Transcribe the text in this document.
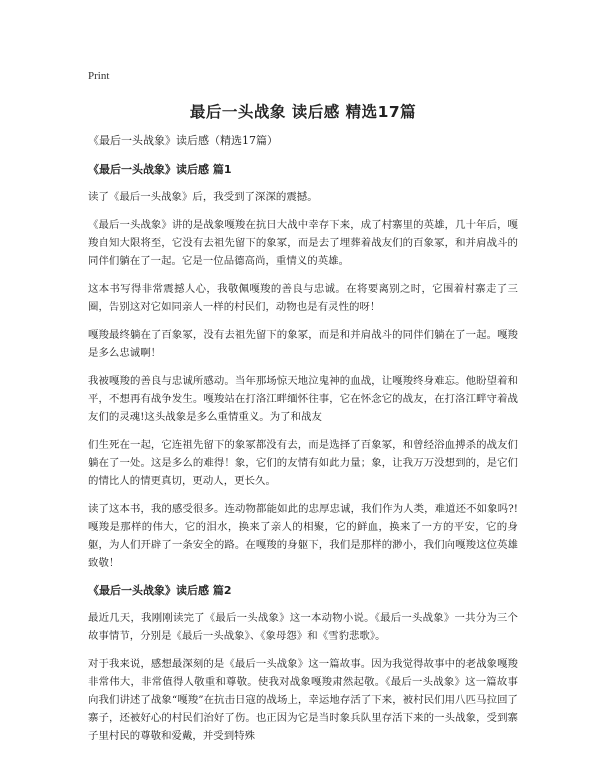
Print
最后一头战象 读后感 精选17篇
《最后一头战象》读后感（精选17篇）
《最后一头战象》读后感 篇1

读了《最后一头战象》后，我受到了深深的震撼。

《最后一头战象》讲的是战象嘎羧在抗日大战中幸存下来，成了村寨里的英雄，几十年后，嘎羧自知大限将至，它没有去祖先留下的象冢，而是去了埋葬着战友们的百象冢，和并肩战斗的同伴们躺在了一起。它是一位品德高尚，重情义的英雄。

这本书写得非常震撼人心，我敬佩嘎羧的善良与忠诚。在将要离别之时，它围着村寨走了三圈，告别这对它如同亲人一样的村民们，动物也是有灵性的呀！

嘎羧最终躺在了百象冢，没有去祖先留下的象冢，而是和并肩战斗的同伴们躺在了一起。嘎羧是多么忠诚啊！

我被嘎羧的善良与忠诚所感动。当年那场惊天地泣鬼神的血战，让嘎羧终身难忘。他盼望着和平，不想再有战争发生。嘎羧站在打洛江畔缅怀往事，它在怀念它的战友，在打洛江畔守着战友们的灵魂!这头战象是多么重情重义。为了和战友

们生死在一起，它连祖先留下的象冢都没有去，而是选择了百象冢，和曾经浴血搏杀的战友们躺在了一处。这是多么的难得！象，它们的友情有如此力量；象，让我万万没想到的，是它们的情比人的情更真切，更动人，更长久。

读了这本书，我的感受很多。连动物都能如此的忠厚忠诚，我们作为人类，难道还不如象吗?!嘎羧是那样的伟大，它的泪水，换来了亲人的相聚，它的鲜血，换来了一方的平安，它的身躯，为人们开辟了一条安全的路。在嘎羧的身躯下，我们是那样的渺小，我们向嘎羧这位英雄致敬！

《最后一头战象》读后感 篇2

最近几天，我刚刚读完了《最后一头战象》这一本动物小说。《最后一头战象》一共分为三个故事情节，分别是《最后一头战象》、《象母怨》和《雪豹悲歌》。

对于我来说，感想最深刻的是《最后一头战象》这一篇故事。因为我觉得故事中的老战象嘎羧非常伟大，非常值得人敬重和尊敬。使我对战象嘎羧肃然起敬。《最后一头战象》这一篇故事向我们讲述了战象“嘎羧”在抗击日寇的战场上，幸运地存活了下来，被村民们用八匹马拉回了寨子，还被好心的村民们治好了伤。也正因为它是当时象兵队里存活下来的一头战象，受到寨子里村民的尊敬和爱戴，并受到特殊
